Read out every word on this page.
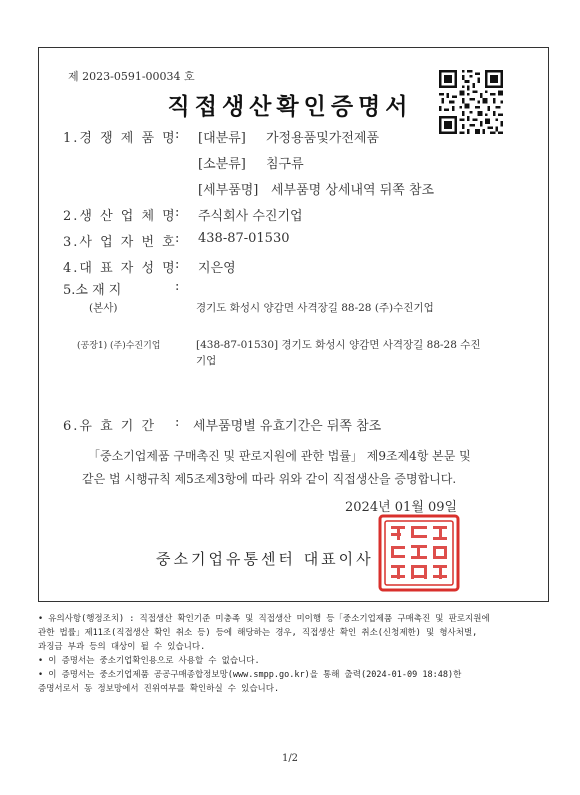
제 2023-0591-00034 호
직접생산확인증명서
1.경 쟁 제 품 명
: [대분류] 가정용품및가전제품
[소분류] 침구류
[세부품명] 세부품명 상세내역 뒤쪽 참조
2.생 산 업 체 명
: 주식회사 수진기업
3.사 업 자 번 호
: 438-87-01530
4.대 표 자 성 명
: 지은영
5.소 재 지	:
(본사)	경기도 화성시 양감면 사격장길 88-28 (주)수진기업
(공장1) (주)수진기업	[438-87-01530] 경기도 화성시 양감면 사격장길 88-28 수진
기업
6.유 효 기 간 : 세부품명별 유효기간은 뒤쪽 참조
「중소기업제품 구매촉진 및 판로지원에 관한 법률」 제9조제4항 본문 및
같은 법 시행규칙 제5조제3항에 따라 위와 같이 직접생산을 증명합니다.
2024년 01월 09일
중소기업유통센터 대표이사

• 유의사항(행정조치) : 직접생산 확인기준 미충족 및 직접생산 미이행 등「중소기업제품 구매촉진 및 판로지원에

관한 법률」제11조(직접생산 확인 취소 등) 등에 해당하는 경우, 직접생산 확인 취소(신청제한) 및 형사처벌,

과징금 부과 등의 대상이 될 수 있습니다.

• 이 증명서는 중소기업확인용으로 사용할 수 없습니다.

• 이 증명서는 중소기업제품 공공구매종합정보망(www.smpp.go.kr)을 통해 출력(2024-01-09 18:48)한

증명서로서 동 정보망에서 진위여부를 확인하실 수 있습니다.

1/2
